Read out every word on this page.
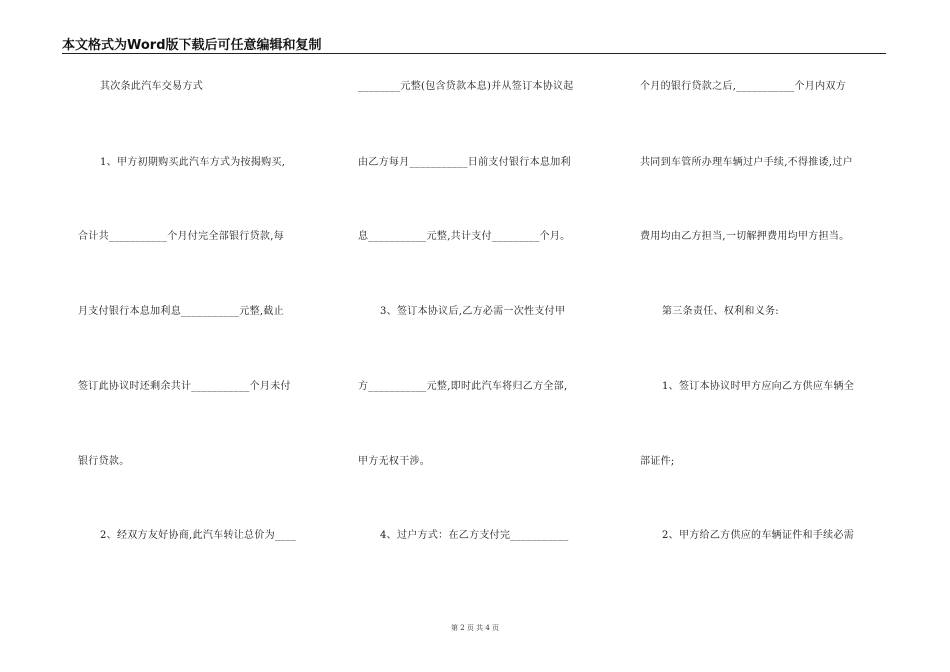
本文格式为Word版下载后可任意编辑和复制
其次条此汽车交易方式
1、甲方初期购买此汽车方式为按揭购买,
合计共___________个月付完全部银行贷款,每
月支付银行本息加利息___________元整,截止
签订此协议时还剩余共计___________个月未付
银行贷款。
2、经双方友好协商,此汽车转让总价为____
________元整(包含贷款本息)并从签订本协议起
由乙方每月___________日前支付银行本息加利
息___________元整,共计支付_________个月。
3、签订本协议后,乙方必需一次性支付甲
方___________元整,即时此汽车将归乙方全部,
甲方无权干涉。
4、过户方式：在乙方支付完___________
个月的银行贷款之后,___________个月内双方
共同到车管所办理车辆过户手续,不得推诿,过户
费用均由乙方担当,一切解押费用均甲方担当。
第三条责任、权利和义务:
1、签订本协议时甲方应向乙方供应车辆全
部证件;
2、甲方给乙方供应的车辆证件和手续必需
第 2 页 共 4 页
